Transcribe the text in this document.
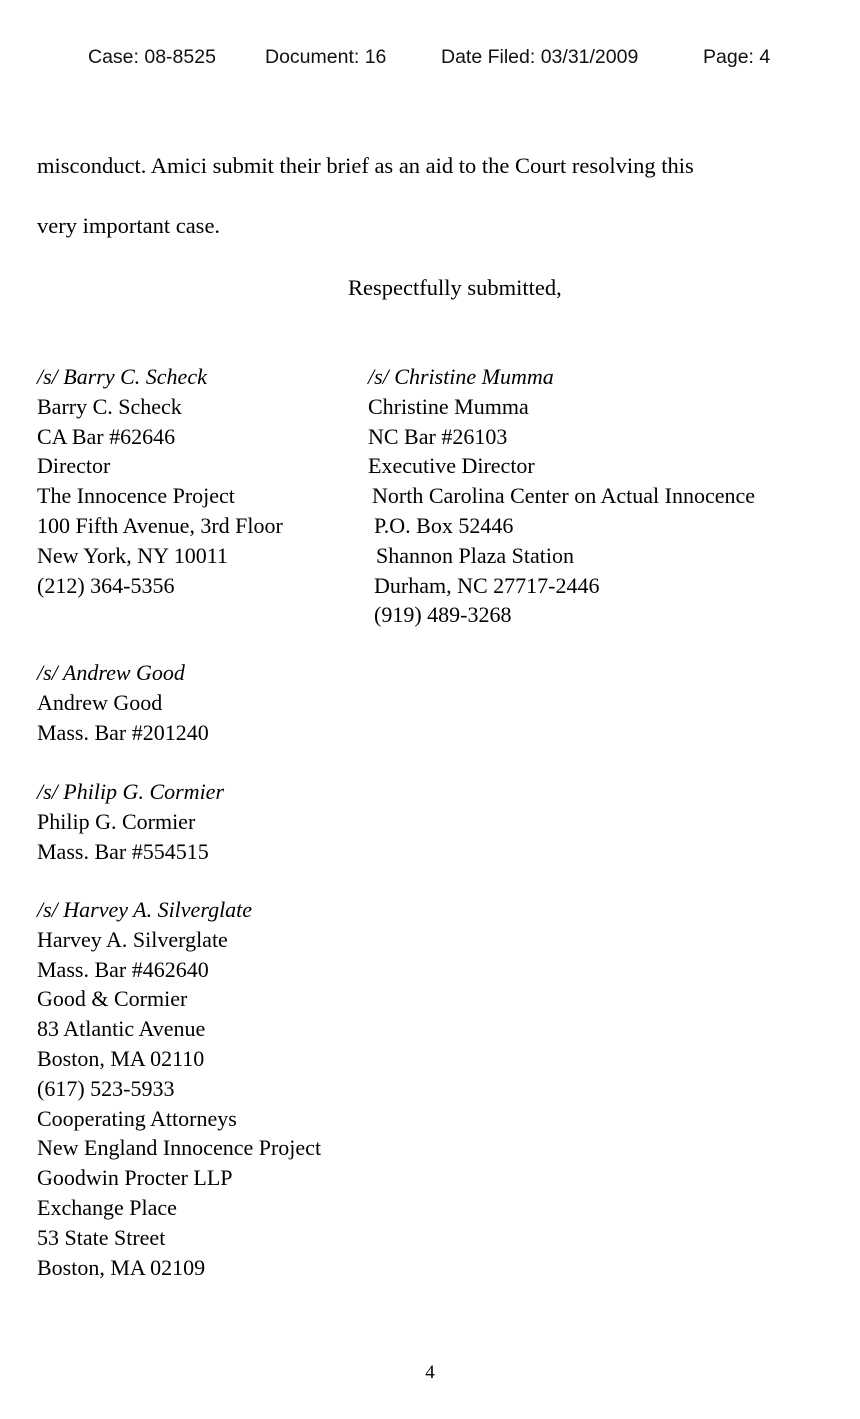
Case: 08-8525	Document: 16	Date Filed: 03/31/2009	Page: 4
misconduct. Amici submit their brief as an aid to the Court resolving this
very important case.
Respectfully submitted,
/s/ Barry C. Scheck
Barry C. Scheck
CA Bar #62646
Director
The Innocence Project
100 Fifth Avenue, 3rd Floor
New York, NY 10011
(212) 364-5356
/s/ Christine Mumma
Christine Mumma
NC Bar #26103
Executive Director
North Carolina Center on Actual Innocence
P.O. Box 52446
Shannon Plaza Station
Durham, NC 27717-2446
(919) 489-3268
/s/ Andrew Good
Andrew Good
Mass. Bar #201240
/s/ Philip G. Cormier
Philip G. Cormier
Mass. Bar #554515
/s/ Harvey A. Silverglate
Harvey A. Silverglate
Mass. Bar #462640
Good & Cormier
83 Atlantic Avenue
Boston, MA 02110
(617) 523-5933
Cooperating Attorneys
New England Innocence Project
Goodwin Procter LLP
Exchange Place
53 State Street
Boston, MA 02109
4
